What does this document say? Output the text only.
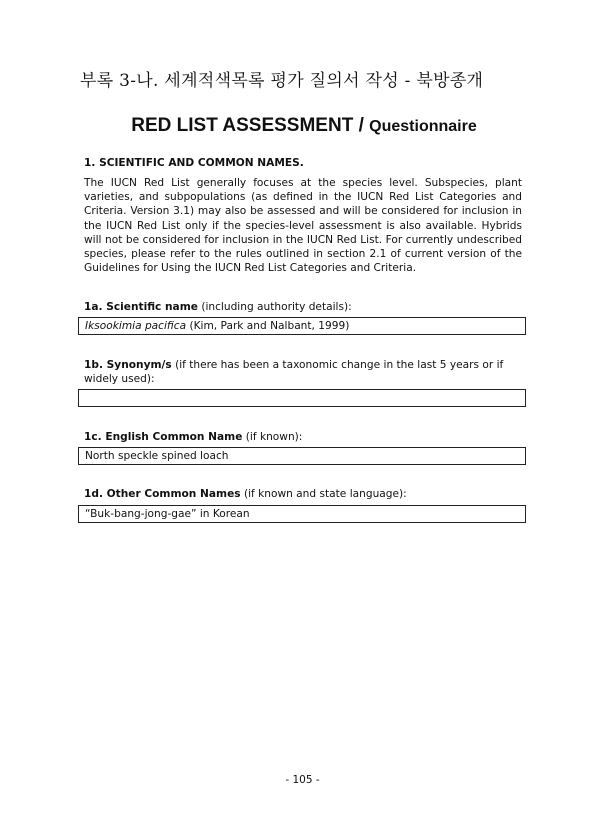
부록 3-나. 세계적색목록 평가 질의서 작성 - 북방종개
RED LIST ASSESSMENT / Questionnaire
1. SCIENTIFIC AND COMMON NAMES.
The IUCN Red List generally focuses at the species level. Subspecies, plant varieties, and subpopulations (as defined in the IUCN Red List Categories and Criteria. Version 3.1) may also be assessed and will be considered for inclusion in the IUCN Red List only if the species-level assessment is also available. Hybrids will not be considered for inclusion in the IUCN Red List. For currently undescribed species, please refer to the rules outlined in section 2.1 of current version of the Guidelines for Using the IUCN Red List Categories and Criteria.
1a. Scientific name (including authority details):
Iksookimia pacifica (Kim, Park and Nalbant, 1999)
1b. Synonym/s (if there has been a taxonomic change in the last 5 years or if widely used):
1c. English Common Name (if known):
North speckle spined loach
1d. Other Common Names (if known and state language):
“Buk-bang-jong-gae” in Korean
- 105 -
